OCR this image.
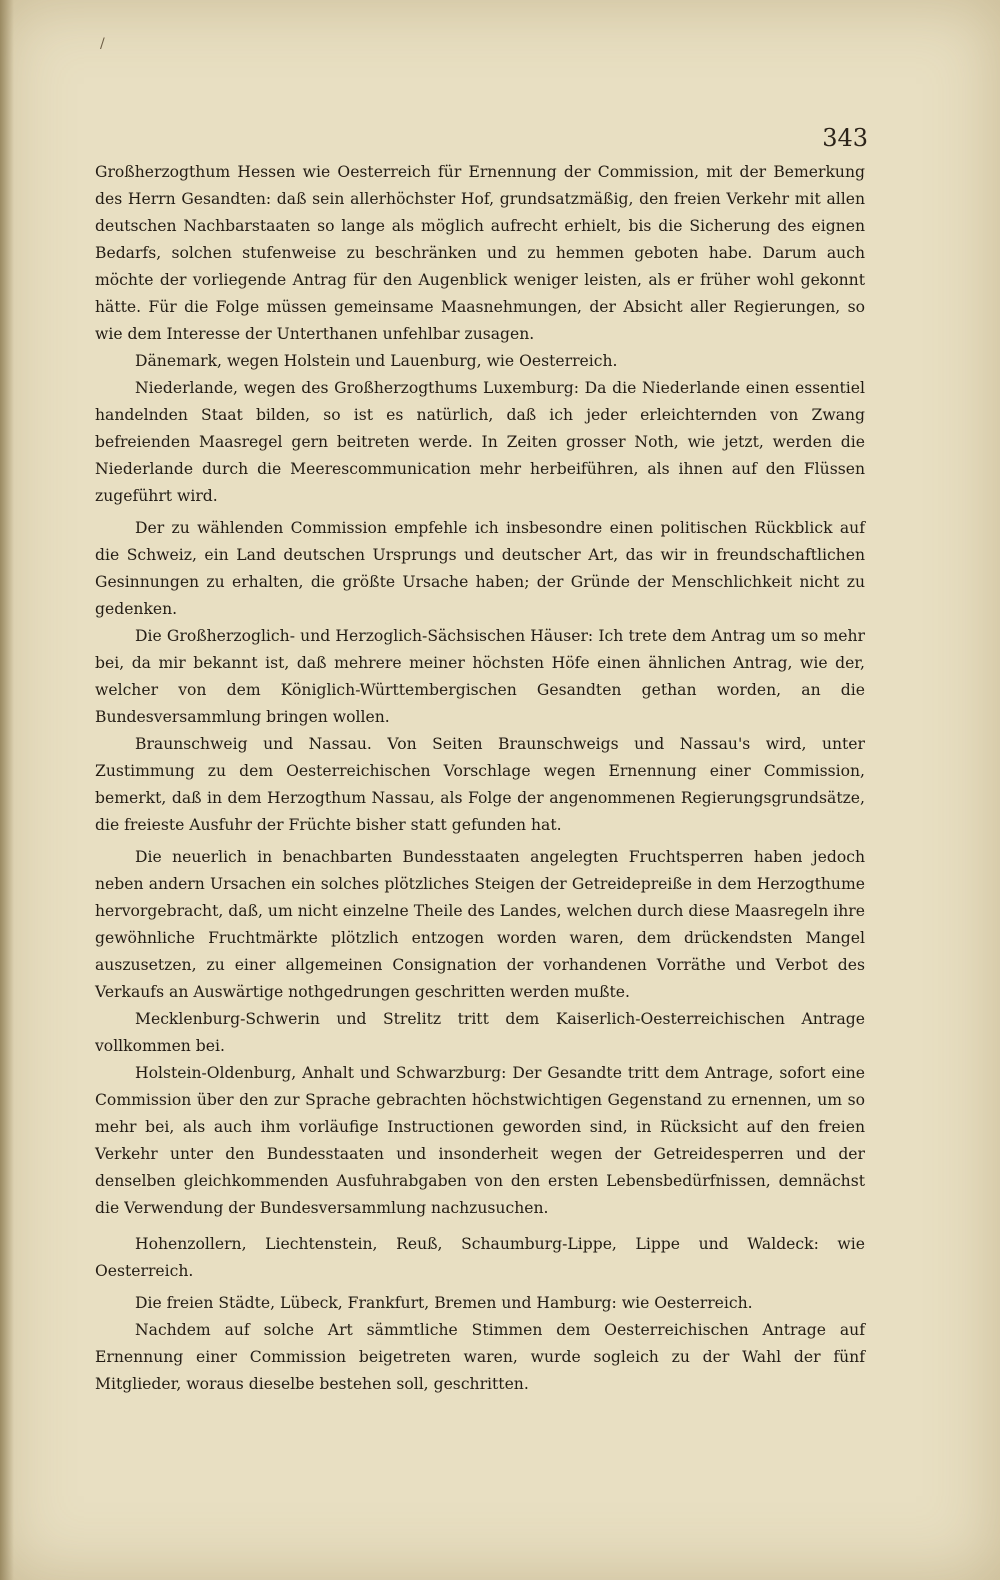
/
343

Großherzogthum Hessen wie Oesterreich für Ernennung der Commission, mit der Bemerkung des Herrn Gesandten: daß sein allerhöchster Hof, grundsatzmäßig, den freien Verkehr mit allen deutschen Nachbarstaaten so lange als möglich aufrecht erhielt, bis die Sicherung des eignen Bedarfs, solchen stufenweise zu beschränken und zu hemmen geboten habe. Darum auch möchte der vorliegende Antrag für den Augenblick weniger leisten, als er früher wohl gekonnt hätte. Für die Folge müssen gemeinsame Maasnehmungen, der Absicht aller Regierungen, so wie dem Interesse der Unterthanen unfehlbar zusagen.

Dänemark, wegen Holstein und Lauenburg, wie Oesterreich.

Niederlande, wegen des Großherzogthums Luxemburg: Da die Niederlande einen essentiel handelnden Staat bilden, so ist es natürlich, daß ich jeder erleichternden von Zwang befreienden Maasregel gern beitreten werde. In Zeiten grosser Noth, wie jetzt, werden die Niederlande durch die Meerescommunication mehr herbeiführen, als ihnen auf den Flüssen zugeführt wird.

Der zu wählenden Commission empfehle ich insbesondre einen politischen Rückblick auf die Schweiz, ein Land deutschen Ursprungs und deutscher Art, das wir in freundschaftlichen Gesinnungen zu erhalten, die größte Ursache haben; der Gründe der Menschlichkeit nicht zu gedenken.

Die Großherzoglich- und Herzoglich-Sächsischen Häuser: Ich trete dem Antrag um so mehr bei, da mir bekannt ist, daß mehrere meiner höchsten Höfe einen ähnlichen Antrag, wie der, welcher von dem Königlich-Württembergischen Gesandten gethan worden, an die Bundesversammlung bringen wollen.

Braunschweig und Nassau. Von Seiten Braunschweigs und Nassau's wird, unter Zustimmung zu dem Oesterreichischen Vorschlage wegen Ernennung einer Commission, bemerkt, daß in dem Herzogthum Nassau, als Folge der angenommenen Regierungsgrundsätze, die freieste Ausfuhr der Früchte bisher statt gefunden hat.

Die neuerlich in benachbarten Bundesstaaten angelegten Fruchtsperren haben jedoch neben andern Ursachen ein solches plötzliches Steigen der Getreidepreiße in dem Herzogthume hervorgebracht, daß, um nicht einzelne Theile des Landes, welchen durch diese Maasregeln ihre gewöhnliche Fruchtmärkte plötzlich entzogen worden waren, dem drückendsten Mangel auszusetzen, zu einer allgemeinen Consignation der vorhandenen Vorräthe und Verbot des Verkaufs an Auswärtige nothgedrungen geschritten werden mußte.

Mecklenburg-Schwerin und Strelitz tritt dem Kaiserlich-Oesterreichischen Antrage vollkommen bei.

Holstein-Oldenburg, Anhalt und Schwarzburg: Der Gesandte tritt dem Antrage, sofort eine Commission über den zur Sprache gebrachten höchstwichtigen Gegenstand zu ernennen, um so mehr bei, als auch ihm vorläufige Instructionen geworden sind, in Rücksicht auf den freien Verkehr unter den Bundesstaaten und insonderheit wegen der Getreidesperren und der denselben gleichkommenden Ausfuhrabgaben von den ersten Lebensbedürfnissen, demnächst die Verwendung der Bundesversammlung nachzusuchen.

Hohenzollern, Liechtenstein, Reuß, Schaumburg-Lippe, Lippe und Waldeck: wie Oesterreich.

Die freien Städte, Lübeck, Frankfurt, Bremen und Hamburg: wie Oesterreich.

Nachdem auf solche Art sämmtliche Stimmen dem Oesterreichischen Antrage auf Ernennung einer Commission beigetreten waren, wurde sogleich zu der Wahl der fünf Mitglieder, woraus dieselbe bestehen soll, geschritten.
